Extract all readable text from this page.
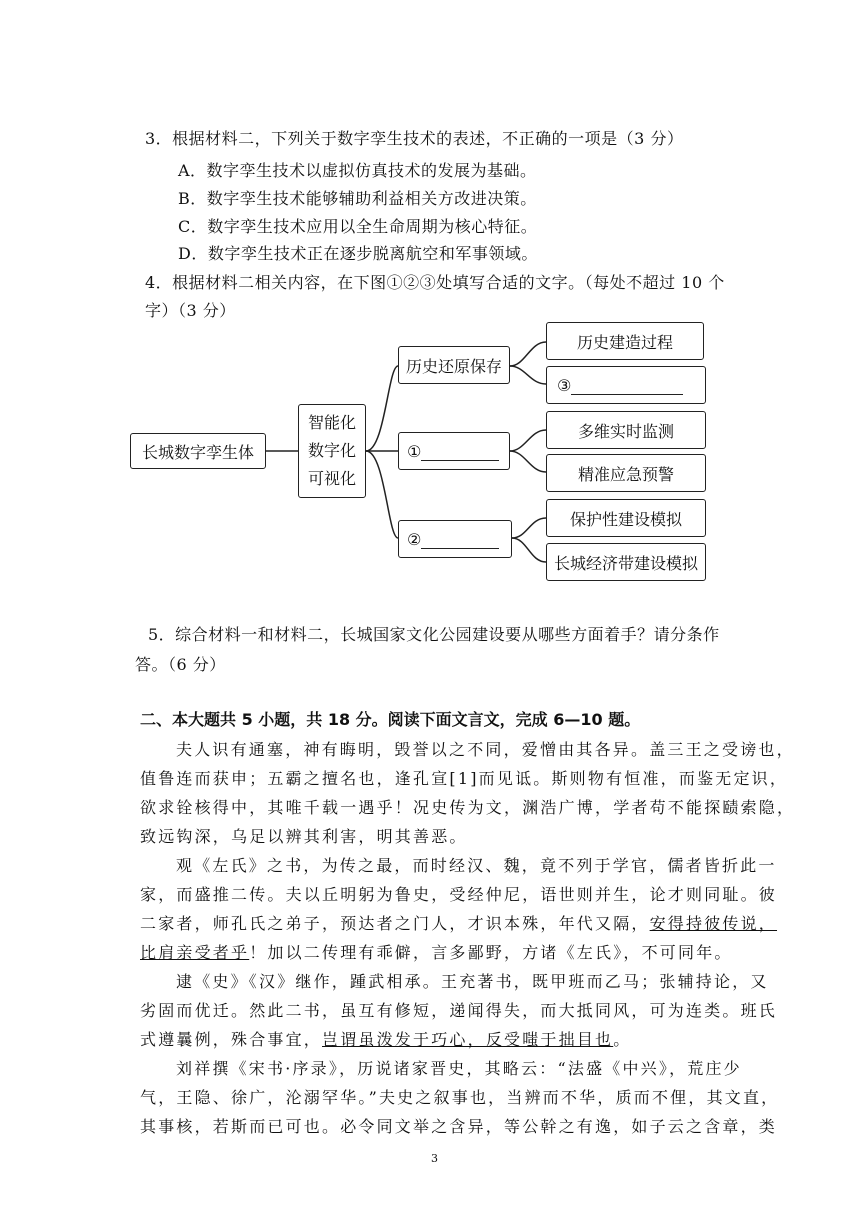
3．根据材料二，下列关于数字孪生技术的表述，不正确的一项是（3 分）
A．数字孪生技术以虚拟仿真技术的发展为基础。
B．数字孪生技术能够辅助利益相关方改进决策。
C．数字孪生技术应用以全生命周期为核心特征。
D．数字孪生技术正在逐步脱离航空和军事领域。
4．根据材料二相关内容，在下图①②③处填写合适的文字。（每处不超过 10 个
字）（3 分）
长城数字孪生体
智能化
数字化
可视化
历史还原保存
①
②
历史建造过程
③
多维实时监测
精准应急预警
保护性建设模拟
长城经济带建设模拟
5．综合材料一和材料二，长城国家文化公园建设要从哪些方面着手？请分条作
答。（6 分）
二、本大题共 5 小题，共 18 分。阅读下面文言文，完成 6—10 题。
夫人识有通塞，神有晦明，毁誉以之不同，爱憎由其各异。盖三王之受谤也，
值鲁连而获申；五霸之擅名也，逢孔宣[1]而见诋。斯则物有恒准，而鉴无定识，
欲求铨核得中，其唯千载一遇乎！况史传为文，渊浩广博，学者苟不能探赜索隐，
致远钩深，乌足以辨其利害，明其善恶。
观《左氏》之书，为传之最，而时经汉、魏，竟不列于学官，儒者皆折此一
家，而盛推二传。夫以丘明躬为鲁史，受经仲尼，语世则并生，论才则同耻。彼
二家者，师孔氏之弟子，预达者之门人，才识本殊，年代又隔，安得持彼传说，
比肩亲受者乎！加以二传理有乖僻，言多鄙野，方诸《左氏》，不可同年。
逮《史》《汉》继作，踵武相承。王充著书，既甲班而乙马；张辅持论，又
劣固而优迁。然此二书，虽互有修短，递闻得失，而大抵同风，可为连类。班氏
式遵曩例，殊合事宜，岂谓虽泼发于巧心，反受嗤于拙目也。
刘祥撰《宋书·序录》，历说诸家晋史，其略云：“法盛《中兴》，荒庄少
气，王隐、徐广，沦溺罕华。”夫史之叙事也，当辨而不华，质而不俚，其文直，
其事核，若斯而已可也。必令同文举之含异，等公幹之有逸，如子云之含章，类
3
